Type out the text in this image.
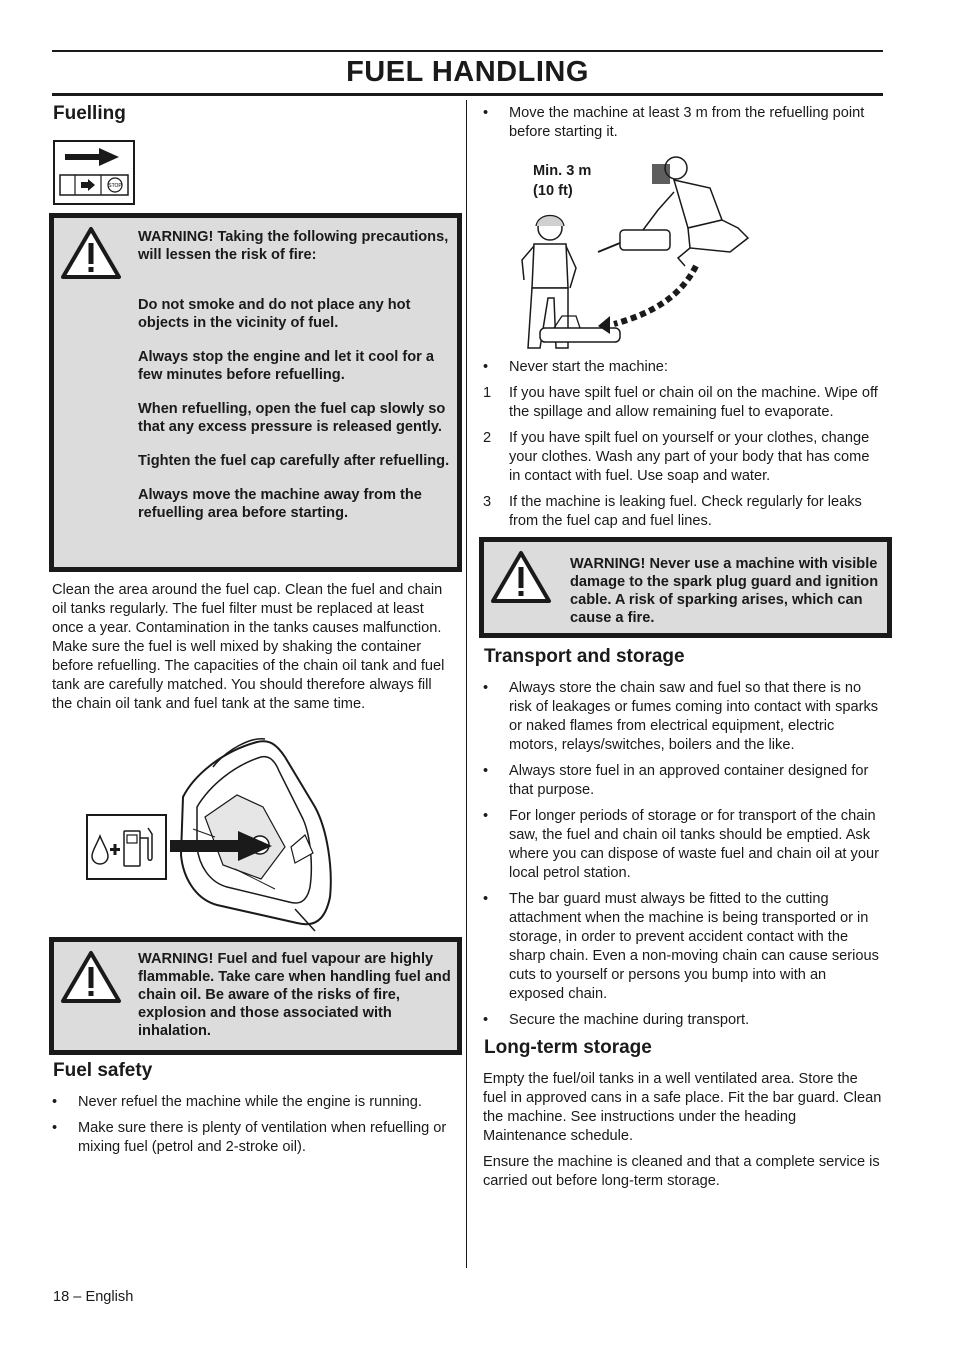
FUEL HANDLING
Fuelling
STOP

WARNING! Taking the following precautions, will lessen the risk of fire:

Do not smoke and do not place any hot objects in the vicinity of fuel.

Always stop the engine and let it cool for a few minutes before refuelling.

When refuelling, open the fuel cap slowly so that any excess pressure is released gently.

Tighten the fuel cap carefully after refuelling.

Always move the machine away from the refuelling area before starting.

Clean the area around the fuel cap. Clean the fuel and chain oil tanks regularly. The fuel filter must be replaced at least once a year. Contamination in the tanks causes malfunction. Make sure the fuel is well mixed by shaking the container before refuelling. The capacities of the chain oil tank and fuel tank are carefully matched. You should therefore always fill the chain oil tank and fuel tank at the same time.

WARNING! Fuel and fuel vapour are highly flammable. Take care when handling fuel and chain oil. Be aware of the risks of fire, explosion and those associated with inhalation.

Fuel safety
•	Never refuel the machine while the engine is running.
•	Make sure there is plenty of ventilation when refuelling or mixing fuel (petrol and 2-stroke oil).
•	Move the machine at least 3 m from the refuelling point before starting it.
Min. 3 m
(10 ft)
•	Never start the machine:
1 If you have spilt fuel or chain oil on the machine. Wipe off the spillage and allow remaining fuel to evaporate.
2 If you have spilt fuel on yourself or your clothes, change your clothes. Wash any part of your body that has come in contact with fuel. Use soap and water.
3 If the machine is leaking fuel. Check regularly for leaks from the fuel cap and fuel lines.

WARNING! Never use a machine with visible damage to the spark plug guard and ignition cable. A risk of sparking arises, which can cause a fire.

Transport and storage
•	Always store the chain saw and fuel so that there is no risk of leakages or fumes coming into contact with sparks or naked flames from electrical equipment, electric motors, relays/switches, boilers and the like.
•	Always store fuel in an approved container designed for that purpose.
•	For longer periods of storage or for transport of the chain saw, the fuel and chain oil tanks should be emptied. Ask where you can dispose of waste fuel and chain oil at your local petrol station.
•	The bar guard must always be fitted to the cutting attachment when the machine is being transported or in storage, in order to prevent accident contact with the sharp chain. Even a non-moving chain can cause serious cuts to yourself or persons you bump into with an exposed chain.
•	Secure the machine during transport.
Long-term storage

Empty the fuel/oil tanks in a well ventilated area. Store the fuel in approved cans in a safe place. Fit the bar guard. Clean the machine. See instructions under the heading Maintenance schedule.

Ensure the machine is cleaned and that a complete service is carried out before long-term storage.

18 – English
